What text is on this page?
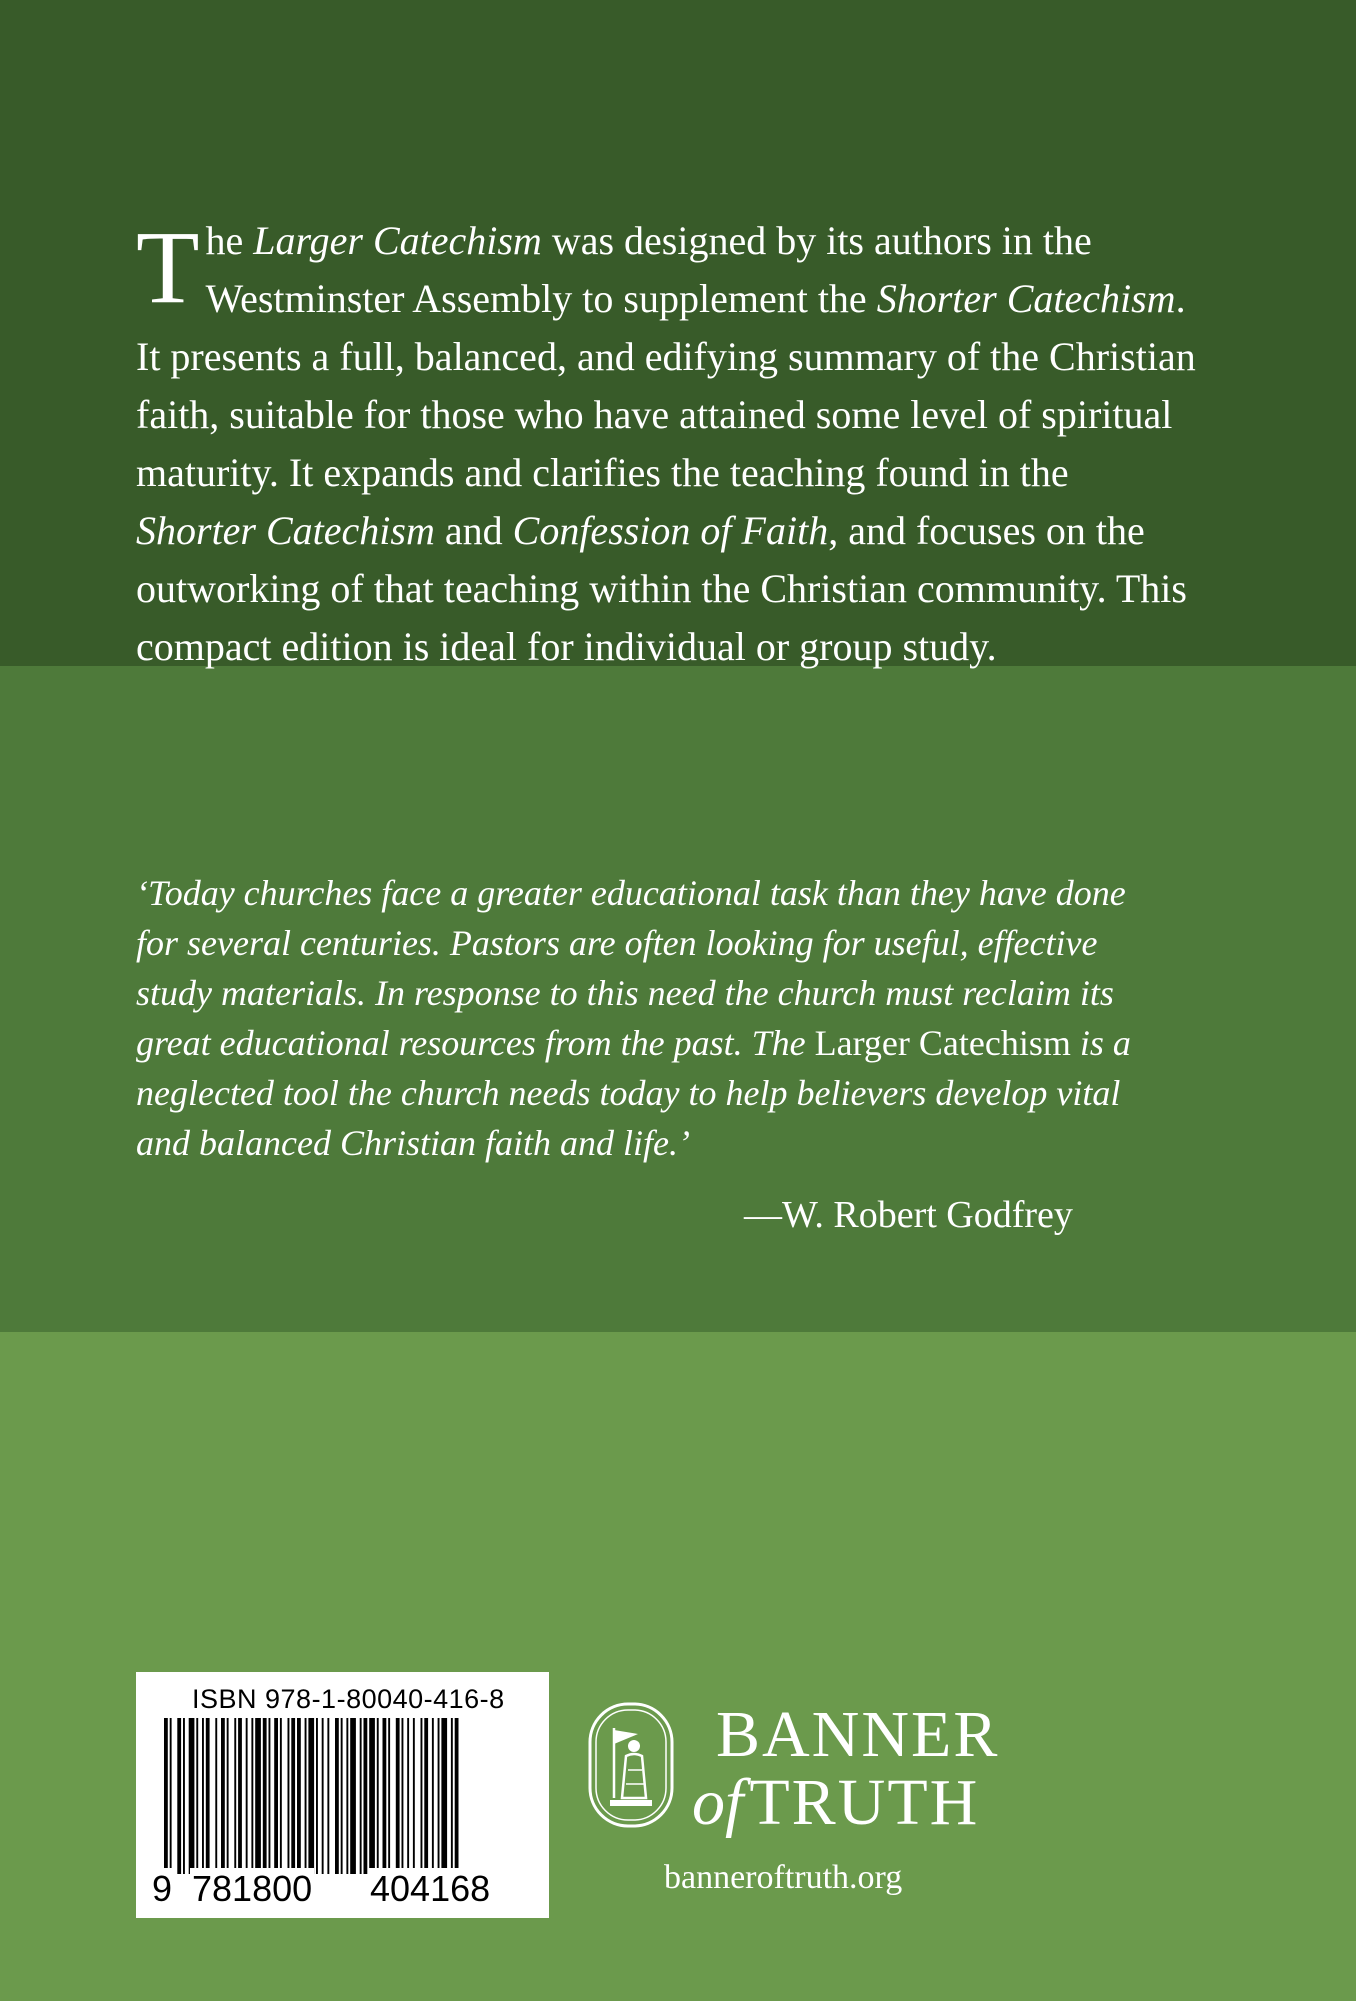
The Larger Catechism was designed by its authors in the Westminster Assembly to supplement the Shorter Catechism. It presents a full, balanced, and edifying summary of the Christian faith, suitable for those who have attained some level of spiritual maturity. It expands and clarifies the teaching found in the Shorter Catechism and Confession of Faith, and focuses on the outworking of that teaching within the Christian community. This compact edition is ideal for individual or group study.

‘Today churches face a greater educational task than they have done for several centuries. Pastors are often looking for useful, effective study materials. In response to this need the church must reclaim its great educational resources from the past. The Larger Catechism is a neglected tool the church needs today to help believers develop vital and balanced Christian faith and life.’

—W. Robert Godfrey

ISBN 978-1-80040-416-8
9 781800 404168

BANNER

ofTRUTH

banneroftruth.org
